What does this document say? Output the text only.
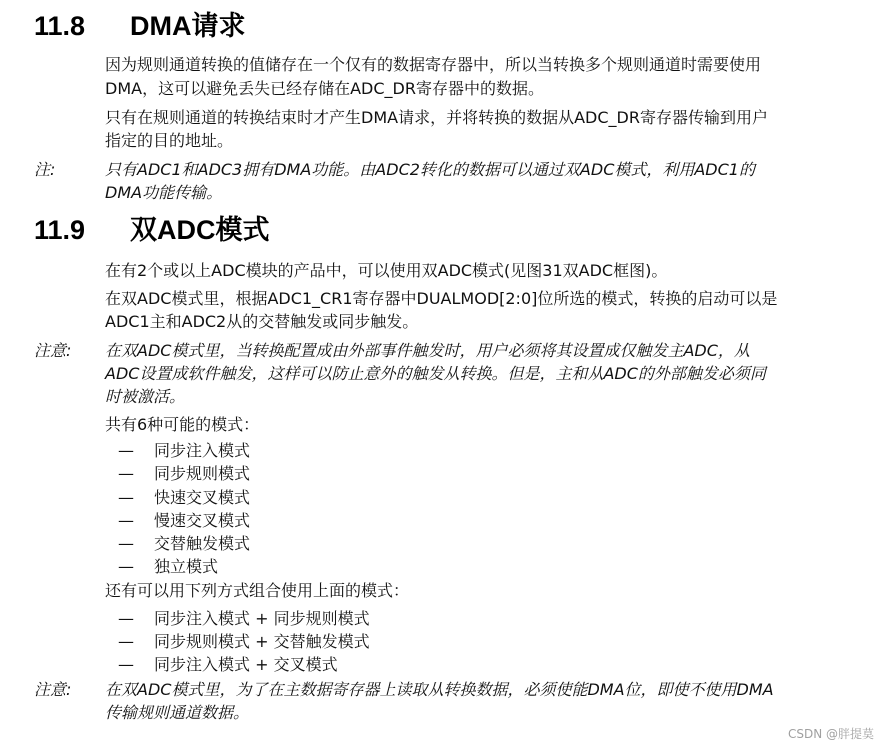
11.8 DMA请求
因为规则通道转换的值储存在一个仅有的数据寄存器中，所以当转换多个规则通道时需要使用
DMA，这可以避免丢失已经存储在ADC_DR寄存器中的数据。
只有在规则通道的转换结束时才产生DMA请求，并将转换的数据从ADC_DR寄存器传输到用户
指定的目的地址。
注:	只有ADC1和ADC3拥有DMA功能。由ADC2转化的数据可以通过双ADC模式，利用ADC1的
DMA功能传输。
11.9 双ADC模式
在有2个或以上ADC模块的产品中，可以使用双ADC模式(见图31双ADC框图)。
在双ADC模式里，根据ADC1_CR1寄存器中DUALMOD[2:0]位所选的模式，转换的启动可以是
ADC1主和ADC2从的交替触发或同步触发。
注意: 在双ADC模式里，当转换配置成由外部事件触发时，用户必须将其设置成仅触发主ADC，从
ADC设置成软件触发，这样可以防止意外的触发从转换。但是，主和从ADC的外部触发必须同
时被激活。
共有6种可能的模式：
— 同步注入模式
— 同步规则模式
— 快速交叉模式
— 慢速交叉模式
— 交替触发模式
— 独立模式
还有可以用下列方式组合使用上面的模式：
— 同步注入模式 + 同步规则模式
— 同步规则模式 + 交替触发模式
— 同步注入模式 + 交叉模式
注意: 在双ADC模式里，为了在主数据寄存器上读取从转换数据，必须使能DMA位，即使不使用DMA
传输规则通道数据。
CSDN @胖提莫
